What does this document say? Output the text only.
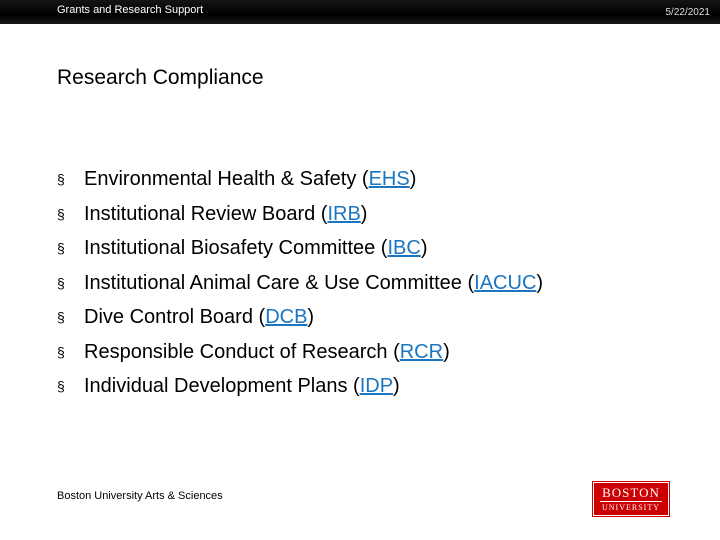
Grants and Research Support	5/22/2021
Research Compliance
§ Environmental Health & Safety (EHS)
§ Institutional Review Board (IRB)
§ Institutional Biosafety Committee (IBC)
§ Institutional Animal Care & Use Committee (IACUC)
§ Dive Control Board (DCB)
§ Responsible Conduct of Research (RCR)
§ Individual Development Plans (IDP)
Boston University Arts & Sciences	BOSTON
UNIVERSITY
